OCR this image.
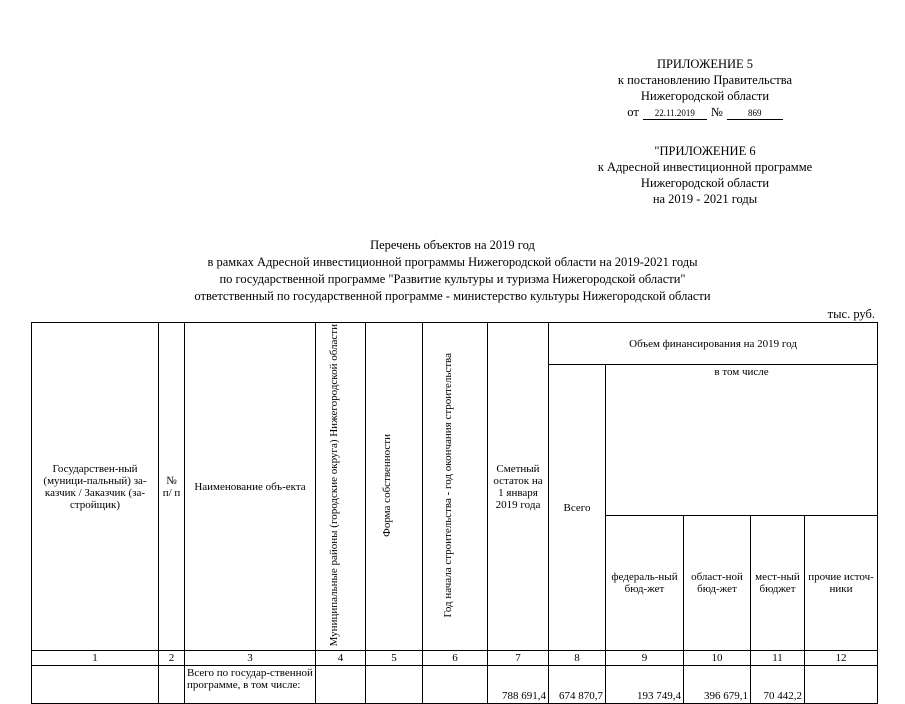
ПРИЛОЖЕНИЕ 5
к постановлению Правительства
Нижегородской области
от	22.11.2019	№	869
"ПРИЛОЖЕНИЕ 6
к Адресной инвестиционной программе
Нижегородской области
на 2019 - 2021 годы
Перечень объектов на 2019 год
в рамках Адресной инвестиционной программы Нижегородской области на 2019-2021 годы
по государственной программе "Развитие культуры и туризма Нижегородской области"
ответственный по государственной программе - министерство культуры Нижегородской области
тыс. руб.
Государствен-ный (муници-пальный) за-казчик / Заказчик (за-стройщик)	№ п/ п	Наименование объ-екта	Муниципальные районы (городские округа) Нижегородской области	Форма собственности	Год начала строительства - год окончания строительства	Сметный остаток на 1 января 2019 года	Объем финансирования на 2019 год				
							Всего	в том числе			
								федераль-ный бюд-жет	област-ной бюд-жет	мест-ный бюджет	прочие источ-ники
1	2	3	4	5	6	7	8	9	10	11	12
		Всего по государ-ственной программе, в том числе:				788 691,4	674 870,7	193 749,4	396 679,1	70 442,2	
